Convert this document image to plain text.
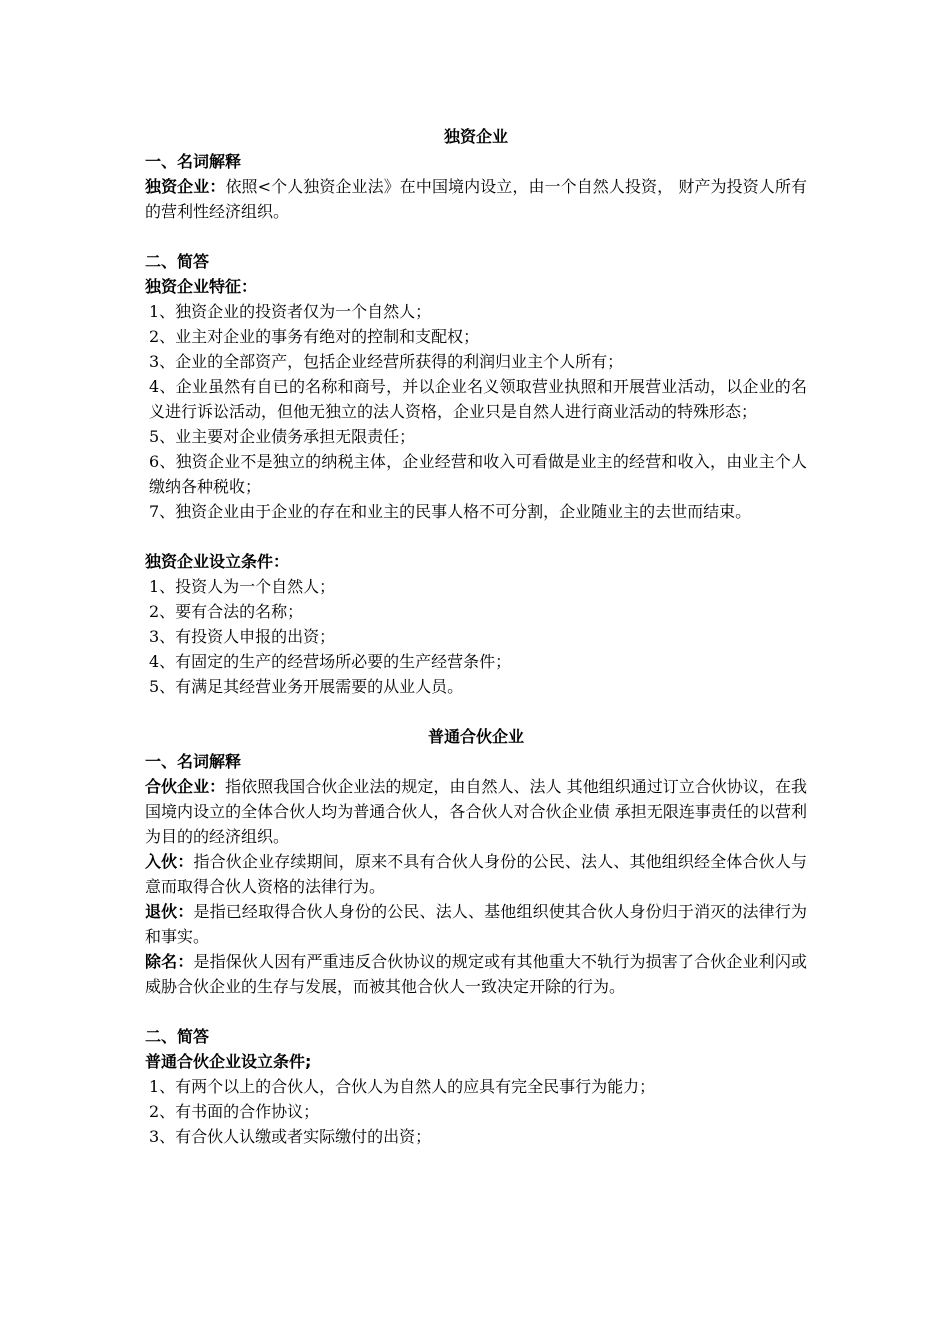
独资企业
一、名词解释
独资企业：依照<个人独资企业法》在中国境内设立，由一个自然人投资， 财产为投资人所有的营利性经济组织。
二、简答
独资企业特征：
1、独资企业的投资者仅为一个自然人；
2、业主对企业的事务有绝对的控制和支配权；
3、企业的全部资产，包括企业经营所获得的利润归业主个人所有；
4、企业虽然有自已的名称和商号，并以企业名义领取营业执照和开展营业活动，以企业的名义进行诉讼活动，但他无独立的法人资格，企业只是自然人进行商业活动的特殊形态；
5、业主要对企业债务承担无限责任；
6、独资企业不是独立的纳税主体，企业经营和收入可看做是业主的经营和收入，由业主个人缴纳各种税收；
7、独资企业由于企业的存在和业主的民事人格不可分割，企业随业主的去世而结束。
独资企业设立条件：
1、投资人为一个自然人；
2、要有合法的名称；
3、有投资人申报的出资；
4、有固定的生产的经营场所必要的生产经营条件；
5、有满足其经营业务开展需要的从业人员。
普通合伙企业
一、名词解释
合伙企业：指依照我国合伙企业法的规定，由自然人、法人 其他组织通过订立合伙协议，在我国境内设立的全体合伙人均为普通合伙人，各合伙人对合伙企业债 承担无限连事责任的以营利为目的的经济组织。
入伙：指合伙企业存续期间，原来不具有合伙人身份的公民、法人、其他组织经全体合伙人与意而取得合伙人资格的法律行为。
退伙：是指已经取得合伙人身份的公民、法人、基他组织使其合伙人身份归于消灭的法律行为和事实。
除名：是指保伙人因有严重违反合伙协议的规定或有其他重大不轨行为损害了合伙企业利闪或威胁合伙企业的生存与发展，而被其他合伙人一致决定开除的行为。
二、简答
普通合伙企业设立条件;
1、有两个以上的合伙人，合伙人为自然人的应具有完全民事行为能力；
2、有书面的合作协议；
3、有合伙人认缴或者实际缴付的出资；
